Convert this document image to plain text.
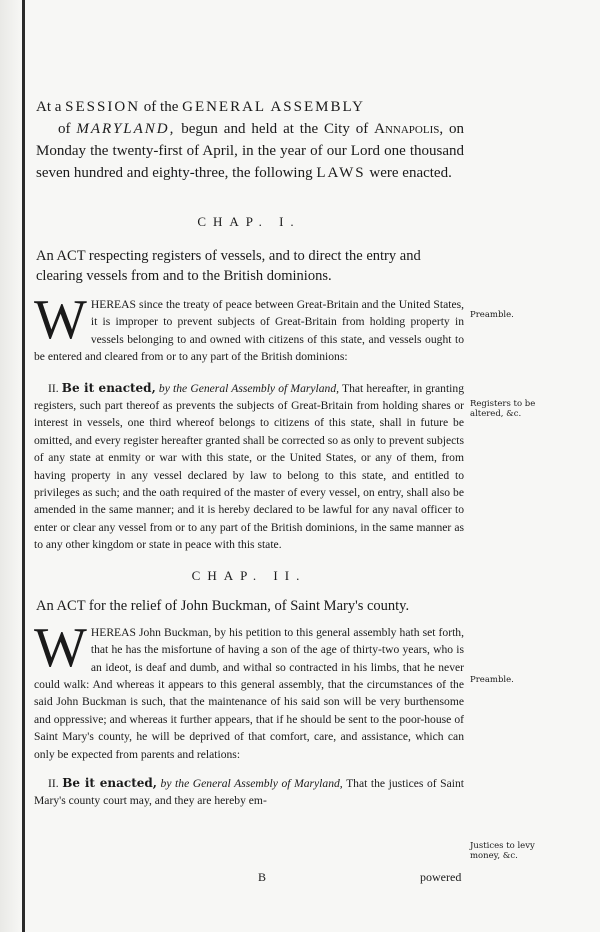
At a SESSION of the GENERAL ASSEMBLY
of MARYLAND, begun and held at the City of Annapolis, on Monday the twenty-first of April, in the year of our Lord one thousand seven hundred and eighty-three, the following LAWS were enacted.

CHAP. I.

An ACT respecting registers of vessels, and to direct the entry and clearing vessels from and to the British dominions.

WHEREAS since the treaty of peace between Great-Britain and the United States, it is improper to prevent subjects of Great-Britain from holding property in vessels belonging to and owned with citizens of this state, and vessels ought to be entered and cleared from or to any part of the British dominions:

II. Be it enacted, by the General Assembly of Maryland, That hereafter, in granting registers, such part thereof as prevents the subjects of Great-Britain from holding shares or interest in vessels, one third whereof belongs to citizens of this state, shall in future be omitted, and every register hereafter granted shall be corrected so as only to prevent subjects of any state at enmity or war with this state, or the United States, or any of them, from having property in any vessel declared by law to belong to this state, and entitled to privileges as such; and the oath required of the master of every vessel, on entry, shall also be amended in the same manner; and it is hereby declared to be lawful for any naval officer to enter or clear any vessel from or to any part of the British dominions, in the same manner as to any other kingdom or state in peace with this state.

CHAP. II.

An ACT for the relief of John Buckman, of Saint Mary's county.

WHEREAS John Buckman, by his petition to this general assembly hath set forth, that he has the misfortune of having a son of the age of thirty-two years, who is an ideot, is deaf and dumb, and withal so contracted in his limbs, that he never could walk: And whereas it appears to this general assembly, that the circumstances of the said John Buckman is such, that the maintenance of his said son will be very burthensome and oppressive; and whereas it further appears, that if he should be sent to the poor-house of Saint Mary's county, he will be deprived of that comfort, care, and assistance, which can only be expected from parents and relations:

II. Be it enacted, by the General Assembly of Maryland, That the justices of Saint Mary's county court may, and they are hereby em-

Preamble.
Registers to be altered, &c.
Preamble.
Justices to levy money, &c.
B	powered
